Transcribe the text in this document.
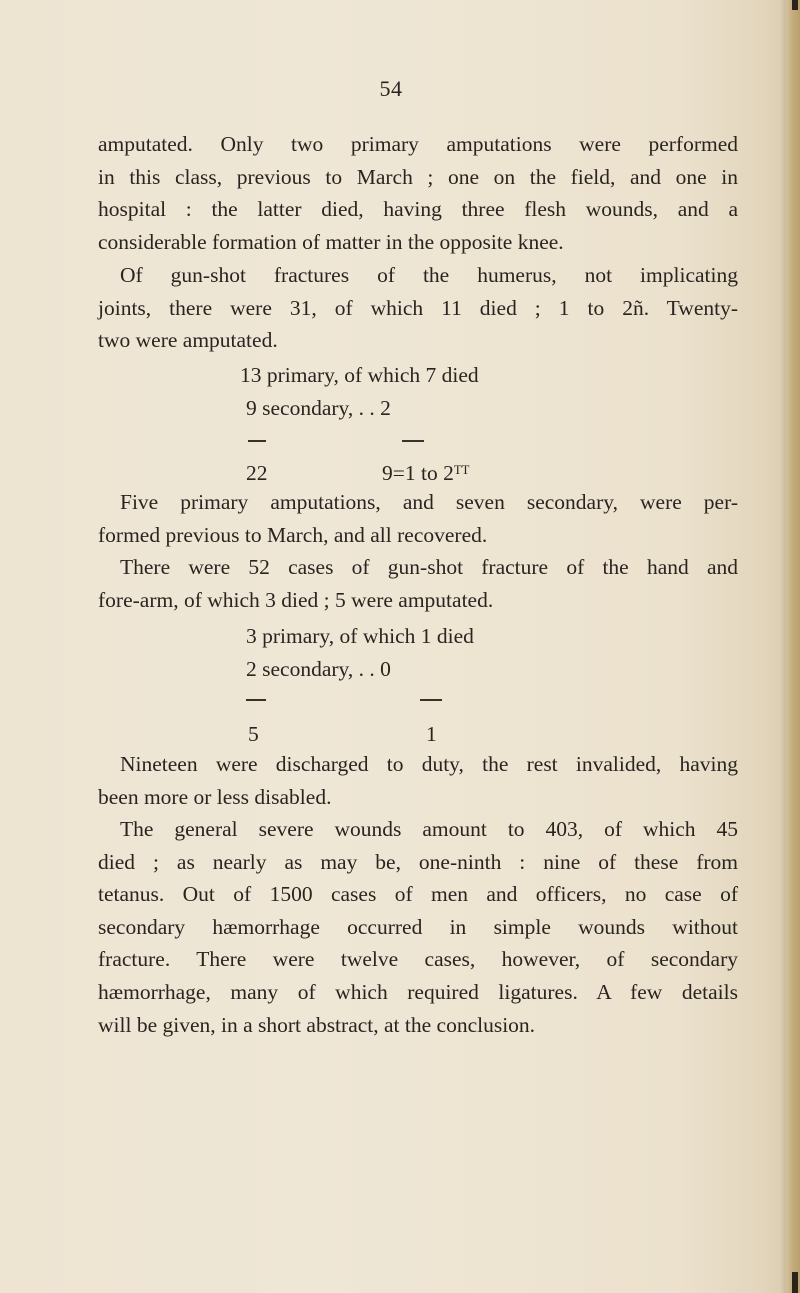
54
amputated. Only two primary amputations were performed
in this class, previous to March ; one on the field, and one in
hospital : the latter died, having three flesh wounds, and a
considerable formation of matter in the opposite knee.
Of gun-shot fractures of the humerus, not implicating
joints, there were 31, of which 11 died ; 1 to 2ñ. Twenty-
two were amputated.
13 primary, of which 7 died
9 secondary, . . 2
22	9=1 to 2ᵀᵀ
Five primary amputations, and seven secondary, were per-
formed previous to March, and all recovered.
There were 52 cases of gun-shot fracture of the hand and
fore-arm, of which 3 died ; 5 were amputated.
3 primary, of which 1 died
2 secondary, . . 0
5	1
Nineteen were discharged to duty, the rest invalided, having
been more or less disabled.
The general severe wounds amount to 403, of which 45
died ; as nearly as may be, one-ninth : nine of these from
tetanus. Out of 1500 cases of men and officers, no case of
secondary hæmorrhage occurred in simple wounds without
fracture. There were twelve cases, however, of secondary
hæmorrhage, many of which required ligatures. A few details
will be given, in a short abstract, at the conclusion.
